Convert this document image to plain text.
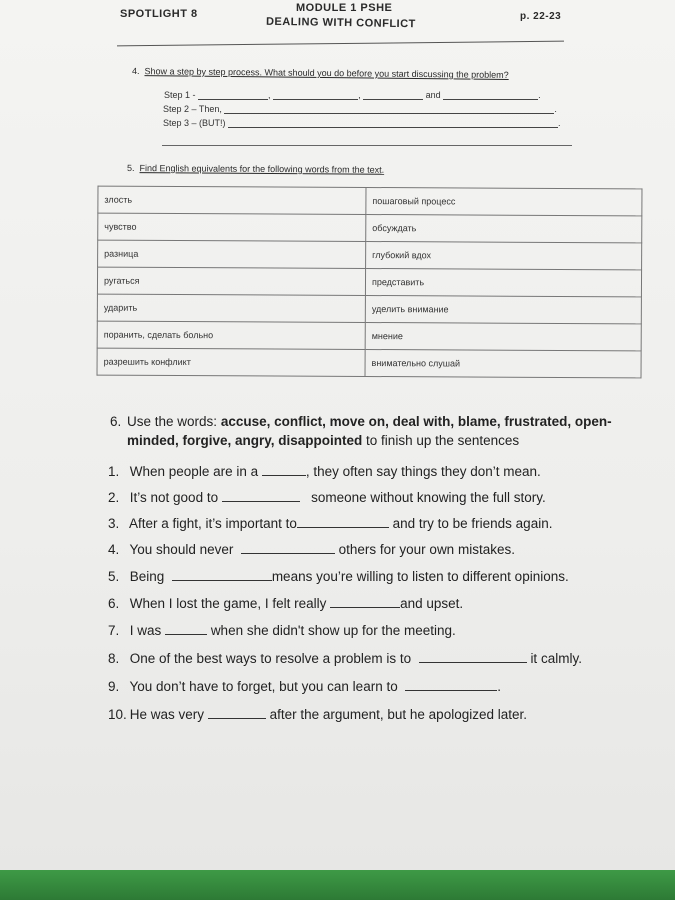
SPOTLIGHT 8	MODULE 1 PSHE
DEALING WITH CONFLICT	p. 22-23
4. Show a step by step process. What should you do before you start discussing the problem?
Step 1 -	,	,	and	.
Step 2 – Then,	.
Step 3 – (BUT!)	.
5. Find English equivalents for the following words from the text.
злость	пошаговый процесс
чувство	обсуждать
разница	глубокий вдох
ругаться	представить
ударить	уделить внимание
поранить, сделать больно	мнение
разрешить конфликт	внимательно слушай
6. Use the words: accuse, conflict, move on, deal with, blame, frustrated, open-minded, forgive, angry, disappointed to finish up the sentences
1. When people are in a	, they often say things they don’t mean.
2. It’s not good to	someone without knowing the full story.
3. After a fight, it’s important to	and try to be friends again.
4. You should never	others for your own mistakes.
5. Being	means you’re willing to listen to different opinions.
6. When I lost the game, I felt really	and upset.
7. I was	when she didn't show up for the meeting.
8. One of the best ways to resolve a problem is to	it calmly.
9. You don’t have to forget, but you can learn to	.
10. He was very	after the argument, but he apologized later.
